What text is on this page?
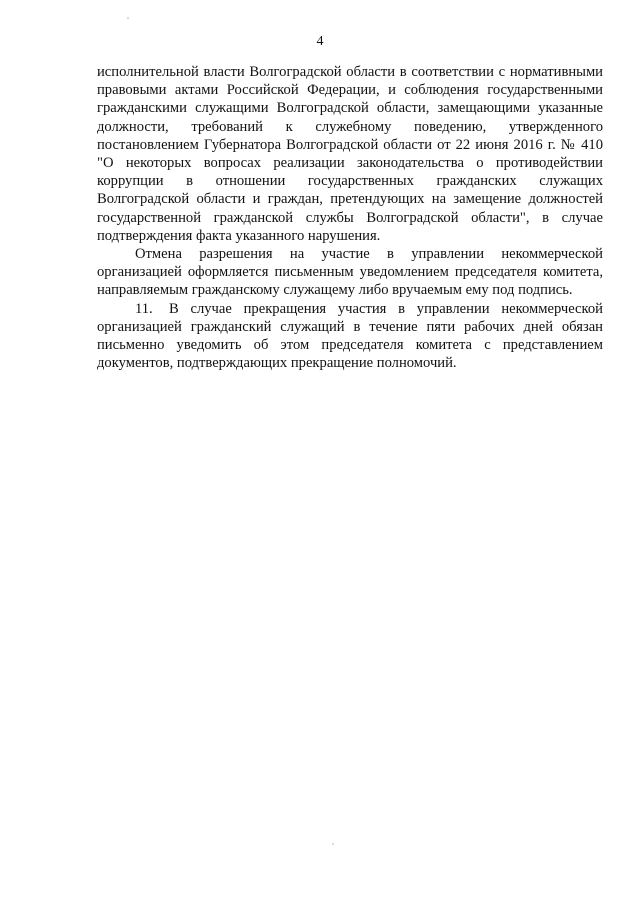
4

исполнительной власти Волгоградской области в соответствии с нормативными правовыми актами Российской Федерации, и соблюдения государственными гражданскими служащими Волгоградской области, замещающими указанные должности, требований к служебному поведению, утвержденного постановлением Губернатора Волгоградской области от 22 июня 2016 г. № 410 "О некоторых вопросах реализации законодательства о противодействии коррупции в отношении государственных гражданских служащих Волгоградской области и граждан, претендующих на замещение должностей государственной гражданской службы Волгоградской области", в случае подтверждения факта указанного нарушения.

Отмена разрешения на участие в управлении некоммерческой организацией оформляется письменным уведомлением председателя комитета, направляемым гражданскому служащему либо вручаемым ему под подпись.

11. В случае прекращения участия в управлении некоммерческой организацией гражданский служащий в течение пяти рабочих дней обязан письменно уведомить об этом председателя комитета с представлением документов, подтверждающих прекращение полномочий.
